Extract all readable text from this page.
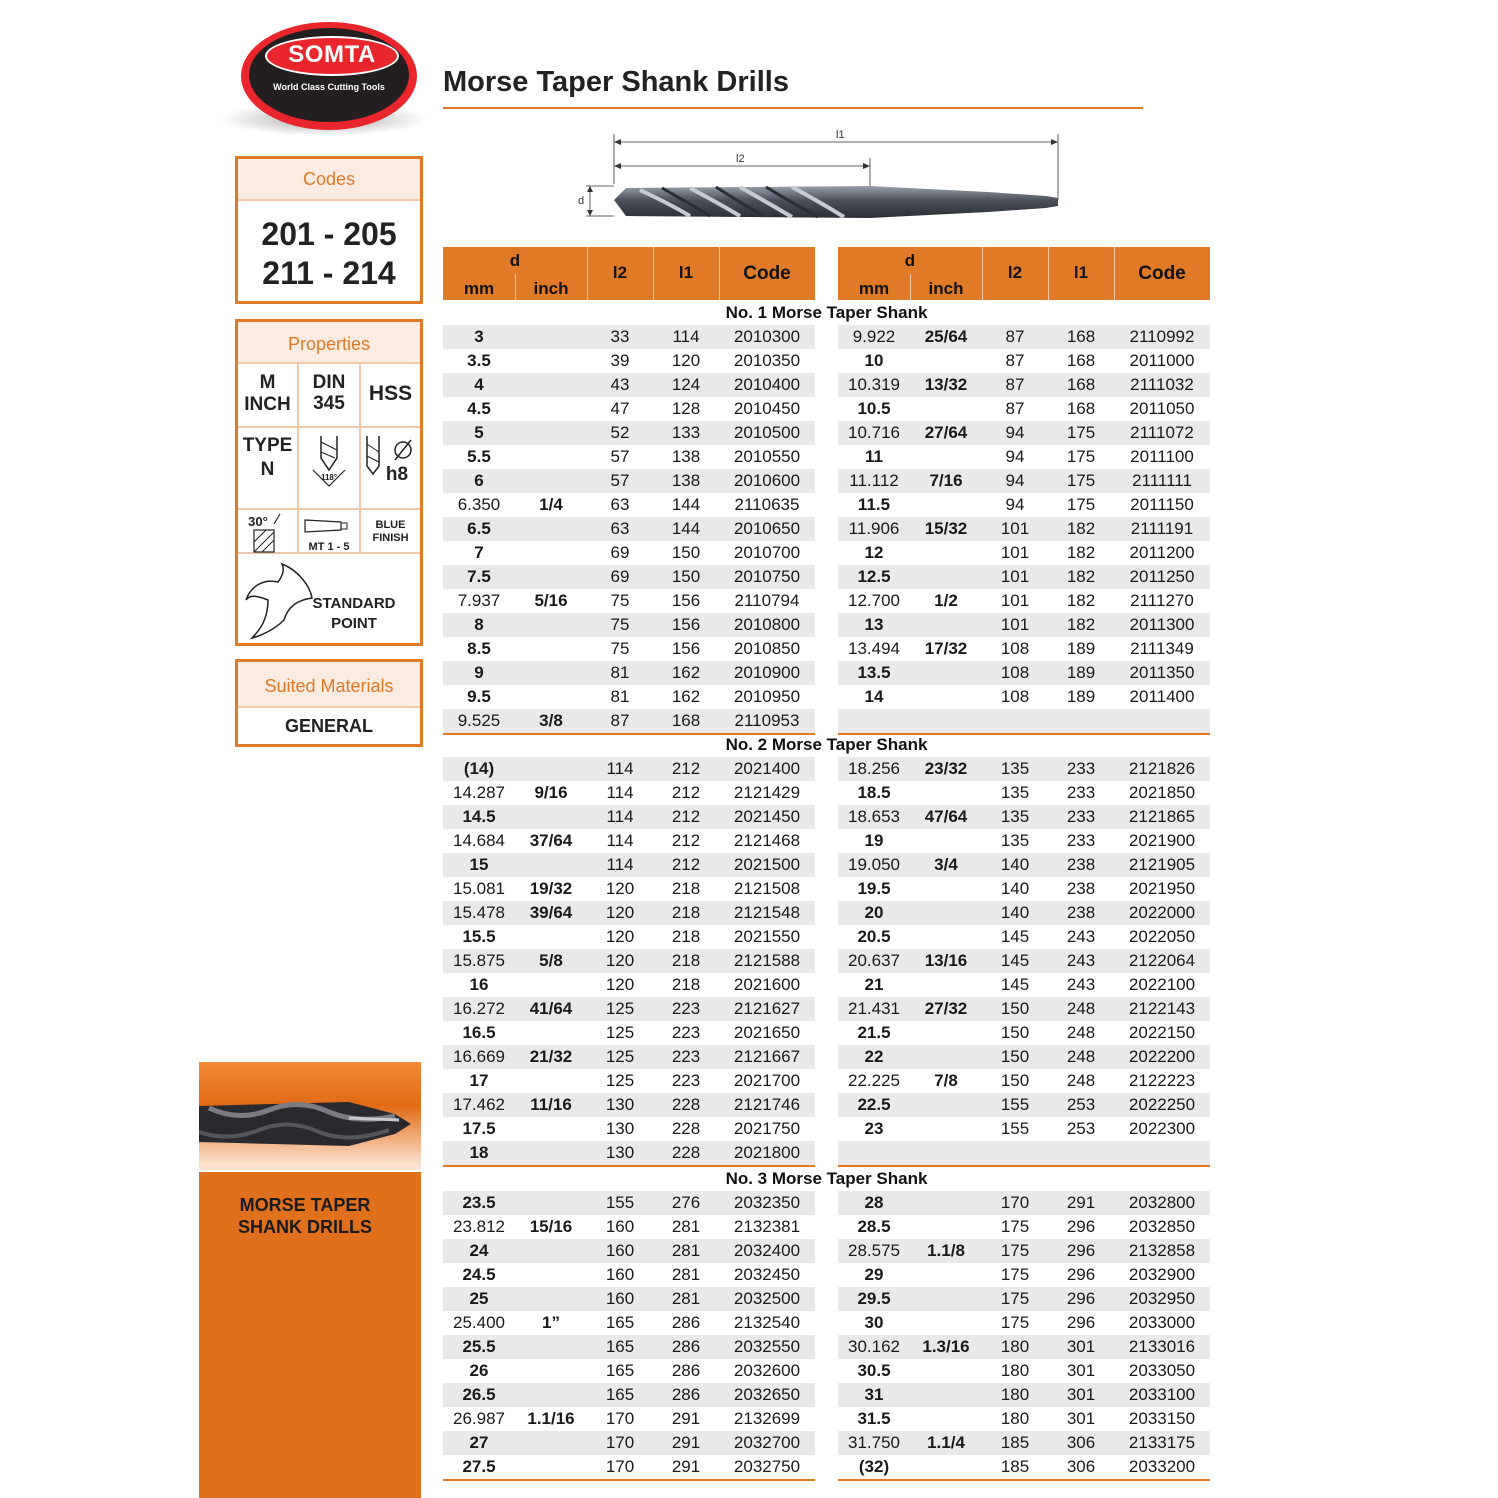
SOMTA
World Class Cutting Tools	Morse Taper Shank Drills
Codes
201 - 205
211 - 214
Properties
M
INCH
DIN
345	HSS
TYPE
N	118°	h8
30°
MT 1 - 5
BLUE
FINISH
STANDARD
POINT
Suited Materials
GENERAL
MORSE TAPER
SHANK DRILLS
l1
l2
d
d
mm	inch
l2	l1	Code
d
mm	inch
l2	l1	Code
No. 1 Morse Taper Shank
3	33	114	2010300
3.5	39	120	2010350
4	43	124	2010400
4.5	47	128	2010450
5	52	133	2010500
5.5	57	138	2010550
6	57	138	2010600
6.350	1/4	63	144	2110635
6.5	63	144	2010650
7	69	150	2010700
7.5	69	150	2010750
7.937	5/16	75	156	2110794
8	75	156	2010800
8.5	75	156	2010850
9	81	162	2010900
9.5	81	162	2010950
9.525	3/8	87	168	2110953
9.922	25/64	87	168	2110992
10	87	168	2011000
10.319	13/32	87	168	2111032
10.5	87	168	2011050
10.716	27/64	94	175	2111072
11	94	175	2011100
11.112	7/16	94	175	2111111
11.5	94	175	2011150
11.906	15/32	101	182	2111191
12	101	182	2011200
12.5	101	182	2011250
12.700	1/2	101	182	2111270
13	101	182	2011300
13.494	17/32	108	189	2111349
13.5	108	189	2011350
14	108	189	2011400
No. 2 Morse Taper Shank
(14)	114	212	2021400
14.287	9/16	114	212	2121429
14.5	114	212	2021450
14.684	37/64	114	212	2121468
15	114	212	2021500
15.081	19/32	120	218	2121508
15.478	39/64	120	218	2121548
15.5	120	218	2021550
15.875	5/8	120	218	2121588
16	120	218	2021600
16.272	41/64	125	223	2121627
16.5	125	223	2021650
16.669	21/32	125	223	2121667
17	125	223	2021700
17.462	11/16	130	228	2121746
17.5	130	228	2021750
18	130	228	2021800
18.256	23/32	135	233	2121826
18.5	135	233	2021850
18.653	47/64	135	233	2121865
19	135	233	2021900
19.050	3/4	140	238	2121905
19.5	140	238	2021950
20	140	238	2022000
20.5	145	243	2022050
20.637	13/16	145	243	2122064
21	145	243	2022100
21.431	27/32	150	248	2122143
21.5	150	248	2022150
22	150	248	2022200
22.225	7/8	150	248	2122223
22.5	155	253	2022250
23	155	253	2022300
No. 3 Morse Taper Shank
23.5	155	276	2032350
23.812	15/16	160	281	2132381
24	160	281	2032400
24.5	160	281	2032450
25	160	281	2032500
25.400	1”	165	286	2132540
25.5	165	286	2032550
26	165	286	2032600
26.5	165	286	2032650
26.987	1.1/16	170	291	2132699
27	170	291	2032700
27.5	170	291	2032750
28	170	291	2032800
28.5	175	296	2032850
28.575	1.1/8	175	296	2132858
29	175	296	2032900
29.5	175	296	2032950
30	175	296	2033000
30.162	1.3/16	180	301	2133016
30.5	180	301	2033050
31	180	301	2033100
31.5	180	301	2033150
31.750	1.1/4	185	306	2133175
(32)	185	306	2033200
